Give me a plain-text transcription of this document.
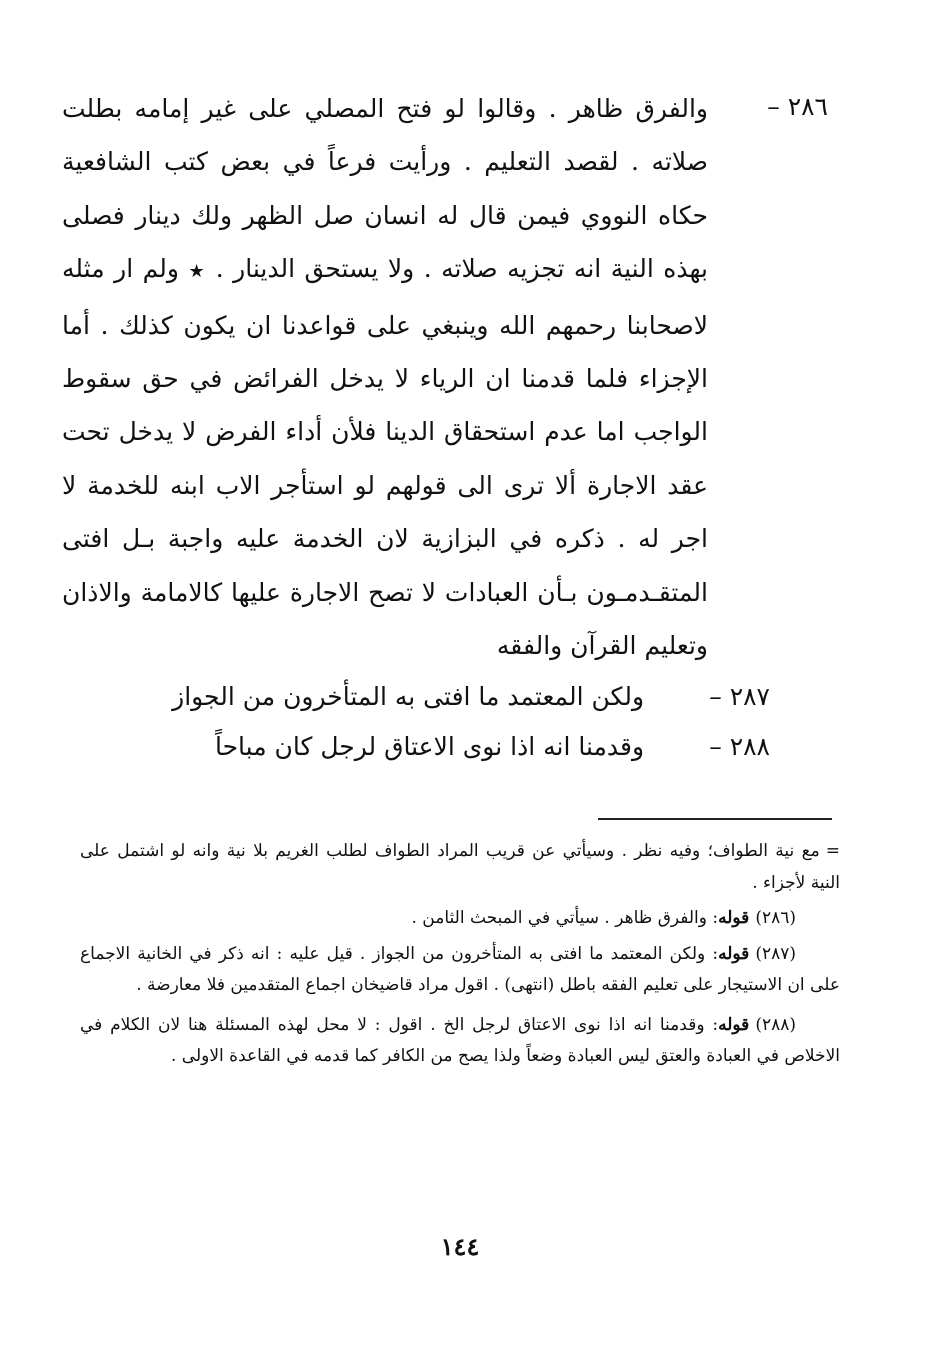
٢٨٦ –
والفرق ظاهر . وقالوا لو فتح المصلي على غير إمامه بطلت صلاته . لقصد التعليم . ورأيت فرعاً في بعض كتب الشافعية حكاه النووي فيمن قال له انسان صل الظهر ولك دينار فصلى بهذه النية انه تجزيه صلاته . ولا يستحق الدينار . ★ ولم ار مثله لاصحابنا رحمهم الله وينبغي على قواعدنا ان يكون كذلك . أما الإجزاء فلما قدمنا ان الرياء لا يدخل الفرائض في حق سقوط الواجب اما عدم استحقاق الدينا فلأن أداء الفرض لا يدخل تحت عقد الاجارة ألا ترى الى قولهم لو استأجر الاب ابنه للخدمة لا اجر له . ذكره في البزازية لان الخدمة عليه واجبة بـل افتى المتقـدمـون بـأن العبادات لا تصح الاجارة عليها كالامامة والاذان وتعليم القرآن والفقه
٢٨٧ – ولكن المعتمد ما افتى به المتأخرون من الجواز
٢٨٨ – وقدمنا انه اذا نوى الاعتاق لرجل كان مباحاً
=مع نية الطواف؛ وفيه نظر . وسيأتي عن قريب المراد الطواف لطلب الغريم بلا نية وانه لو اشتمل على النية لأجزاء .
(٢٨٦)قوله: والفرق ظاهر . سيأتي في المبحث الثامن .
(٢٨٧)قوله: ولكن المعتمد ما افتى به المتأخرون من الجواز . قيل عليه : انه ذكر في الخانية الاجماع على ان الاستيجار على تعليم الفقه باطل (انتهى) . اقول مراد قاضيخان اجماع المتقدمين فلا معارضة .
(٢٨٨)قوله: وقدمنا انه اذا نوى الاعتاق لرجل الخ . اقول : لا محل لهذه المسئلة هنا لان الكلام في الاخلاص في العبادة والعتق ليس العبادة وضعاً ولذا يصح من الكافر كما قدمه في القاعدة الاولى .
١٤٤
